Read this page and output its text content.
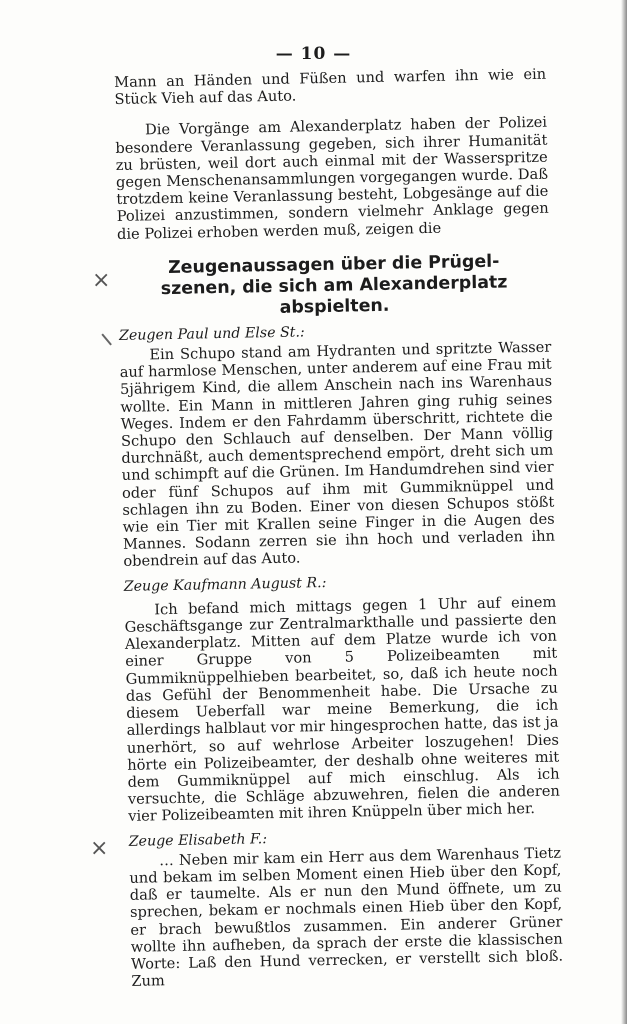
— 10 —
×
×

Mann an Händen und Füßen und warfen ihn wie ein Stück Vieh auf das Auto.

Die Vorgänge am Alexanderplatz haben der Polizei besondere Veranlassung gegeben, sich ihrer Humanität zu brüsten, weil dort auch einmal mit der Wasserspritze gegen Menschenansammlungen vorgegangen wurde. Daß trotzdem keine Veranlassung besteht, Lobgesänge auf die Polizei anzustimmen, sondern vielmehr Anklage gegen die Polizei erhoben werden muß, zeigen die

Zeugenaussagen über die Prügel-
szenen, die sich am Alexanderplatz
abspielten.
Zeugen Paul und Else St.:

Ein Schupo stand am Hydranten und spritzte Wasser auf harmlose Menschen, unter anderem auf eine Frau mit 5jährigem Kind, die allem Anschein nach ins Warenhaus wollte. Ein Mann in mittleren Jahren ging ruhig seines Weges. Indem er den Fahrdamm überschritt, richtete die Schupo den Schlauch auf denselben. Der Mann völlig durchnäßt, auch dementsprechend empört, dreht sich um und schimpft auf die Grünen. Im Handumdrehen sind vier oder fünf Schupos auf ihm mit Gummiknüppel und schlagen ihn zu Boden. Einer von diesen Schupos stößt wie ein Tier mit Krallen seine Finger in die Augen des Mannes. Sodann zerren sie ihn hoch und verladen ihn obendrein auf das Auto.

Zeuge Kaufmann August R.:

Ich befand mich mittags gegen 1 Uhr auf einem Geschäftsgange zur Zentralmarkthalle und passierte den Alexanderplatz. Mitten auf dem Platze wurde ich von einer Gruppe von 5 Polizeibeamten mit Gummiknüppelhieben bearbeitet, so, daß ich heute noch das Gefühl der Benommenheit habe. Die Ursache zu diesem Ueberfall war meine Bemerkung, die ich allerdings halblaut vor mir hingesprochen hatte, das ist ja unerhört, so auf wehrlose Arbeiter loszugehen! Dies hörte ein Polizeibeamter, der deshalb ohne weiteres mit dem Gummiknüppel auf mich einschlug. Als ich versuchte, die Schläge abzuwehren, fielen die anderen vier Polizeibeamten mit ihren Knüppeln über mich her.

Zeuge Elisabeth F.:

… Neben mir kam ein Herr aus dem Warenhaus Tietz und bekam im selben Moment einen Hieb über den Kopf, daß er taumelte. Als er nun den Mund öffnete, um zu sprechen, bekam er nochmals einen Hieb über den Kopf, er brach bewußtlos zusammen. Ein anderer Grüner wollte ihn aufheben, da sprach der erste die klassischen Worte: Laß den Hund verrecken, er verstellt sich bloß. Zum
